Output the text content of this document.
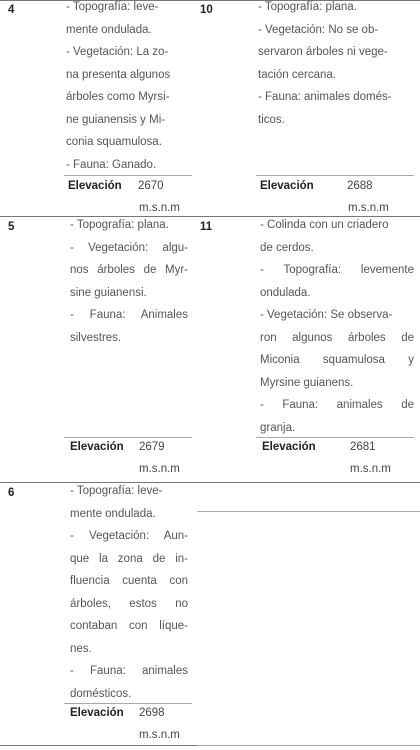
4	- Topografía: leve-
mente ondulada.
- Vegetación: La zo-
na presenta algunos
árboles como Myrsi-
ne guianensis y Mi-
conia squamulosa.
- Fauna: Ganado.
Elevación 2670
m.s.n.m
10	- Topografía: plana.
- Vegetación: No se ob-
servaron árboles ni vege-
tación cercana.
- Fauna: animales domés-
ticos.
Elevación	2688
m.s.n.m
5	- Topografía: plana.
- Vegetación: algu-
nos árboles de Myr-
sine guianensi.
- Fauna: Animales
silvestres.
Elevación 2679
m.s.n.m
11	- Colinda con un criadero
de cerdos.
- Topografía: levemente
ondulada.
- Vegetación: Se observa-
ron algunos árboles de
Miconia squamulosa y
Myrsine guianens.
- Fauna: animales de
granja.
Elevación	2681
m.s.n.m
6	- Topografía: leve-
mente ondulada.
- Vegetación: Aun-
que la zona de in-
fluencia cuenta con
árboles, estos no
contaban con líque-
nes.
- Fauna: animales
domésticos.
Elevación 2698
m.s.n.m
